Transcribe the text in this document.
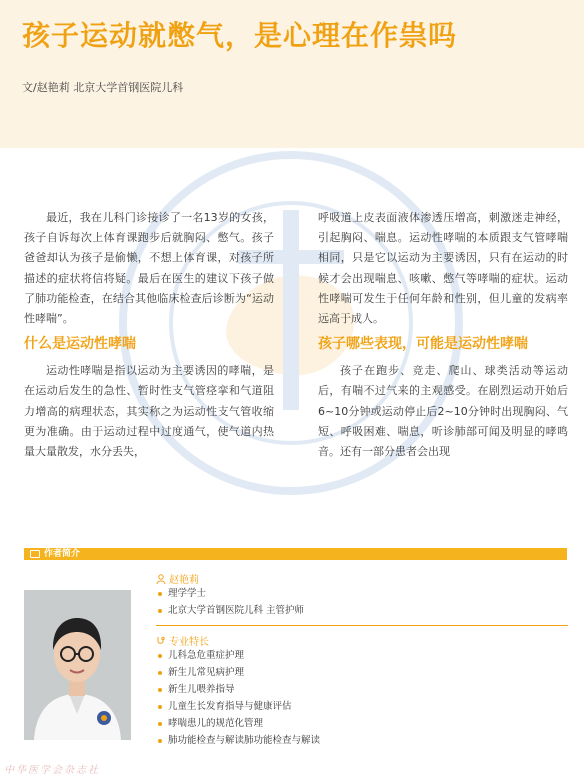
孩子运动就憋气，是心理在作祟吗
文/赵艳莉 北京大学首钢医院儿科

最近，我在儿科门诊接诊了一名13岁的女孩，孩子自诉每次上体育课跑步后就胸闷、憋气。孩子爸爸却认为孩子是偷懒，不想上体育课，对孩子所描述的症状将信将疑。最后在医生的建议下孩子做了肺功能检查，在结合其他临床检查后诊断为“运动性哮喘”。

什么是运动性哮喘

运动性哮喘是指以运动为主要诱因的哮喘，是在运动后发生的急性、暂时性支气管痉挛和气道阻力增高的病理状态，其实称之为运动性支气管收缩更为准确。由于运动过程中过度通气，使气道内热量大量散发，水分丢失，

呼吸道上皮表面液体渗透压增高，刺激迷走神经，引起胸闷、喘息。运动性哮喘的本质跟支气管哮喘相同，只是它以运动为主要诱因，只有在运动的时候才会出现喘息、咳嗽、憋气等哮喘的症状。运动性哮喘可发生于任何年龄和性别，但儿童的发病率远高于成人。

孩子哪些表现，可能是运动性哮喘

孩子在跑步、竞走、爬山、球类活动等运动后，有喘不过气来的主观感受。在剧烈运动开始后6~10分钟或运动停止后2~10分钟时出现胸闷、气短、呼吸困难、喘息，听诊肺部可闻及明显的哮鸣音。还有一部分患者会出现

作者简介
赵艳莉
理学学士
北京大学首钢医院儿科 主管护师
专业特长
儿科急危重症护理
新生儿常见病护理
新生儿喂养指导
儿童生长发育指导与健康评估
哮喘患儿的规范化管理
肺功能检查与解读肺功能检查与解读
中华医学会杂志社
